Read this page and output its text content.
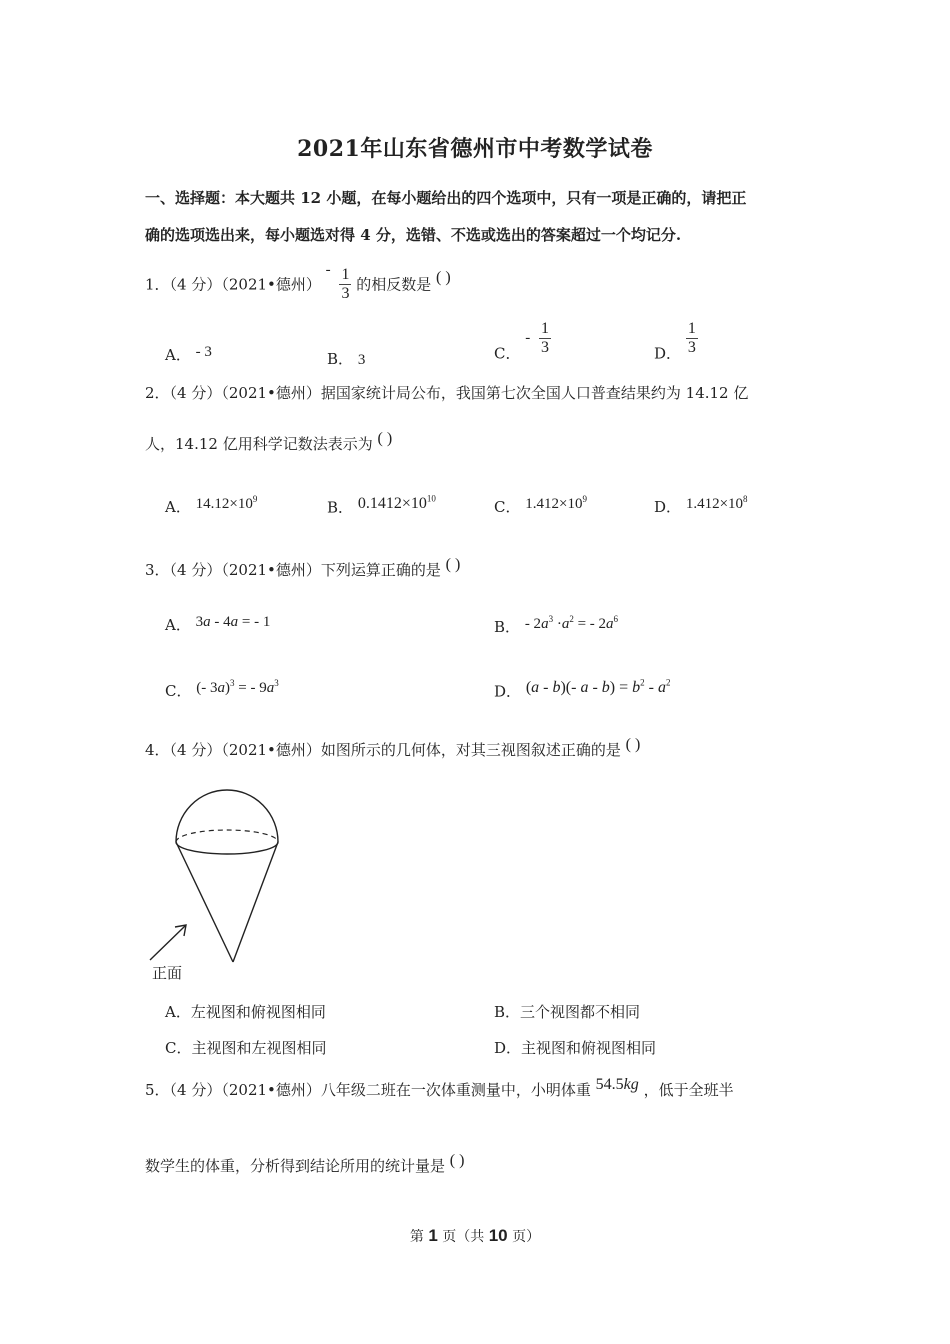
2021年山东省德州市中考数学试卷
一、选择题：本大题共 12 小题，在每小题给出的四个选项中，只有一项是正确的，请把正
确的选项选出来，每小题选对得 4 分，选错、不选或选出的答案超过一个均记分.
1．（4 分）（2021•德州） - $\frac{1}{3}$ 的相反数是 ( )
A． - 3	B． 3	C． - $\frac{1}{3}$	D． $\frac{1}{3}$
2．（4 分）（2021•德州）据国家统计局公布，我国第七次全国人口普查结果约为 14.12 亿
人，14.12 亿用科学记数法表示为 ( )
A． $14.12\times 10^9$	B． $0.1412\times 10^{10}$	C． $1.412\times 10^9$	D． $1.412\times 10^8$
3．（4 分）（2021•德州）下列运算正确的是 ( )
A． 3a - 4a = - 1	B． - $2a^3 \cdot a^2$ = - $2a^6$
C． (- 3a)$^3$ = - $9a^3$	D． (a - b)(- $a - b) = b^2 - a^2$
4．（4 分）（2021•德州）如图所示的几何体，对其三视图叙述正确的是 ( )
正面
A．左视图和俯视图相同	B．三个视图都不相同
C．主视图和左视图相同	D．主视图和俯视图相同
5．（4 分）（2021•德州）八年级二班在一次体重测量中，小明体重 54.5kg ，低于全班半
数学生的体重，分析得到结论所用的统计量是 ( )
第 1 页（共 10 页）
